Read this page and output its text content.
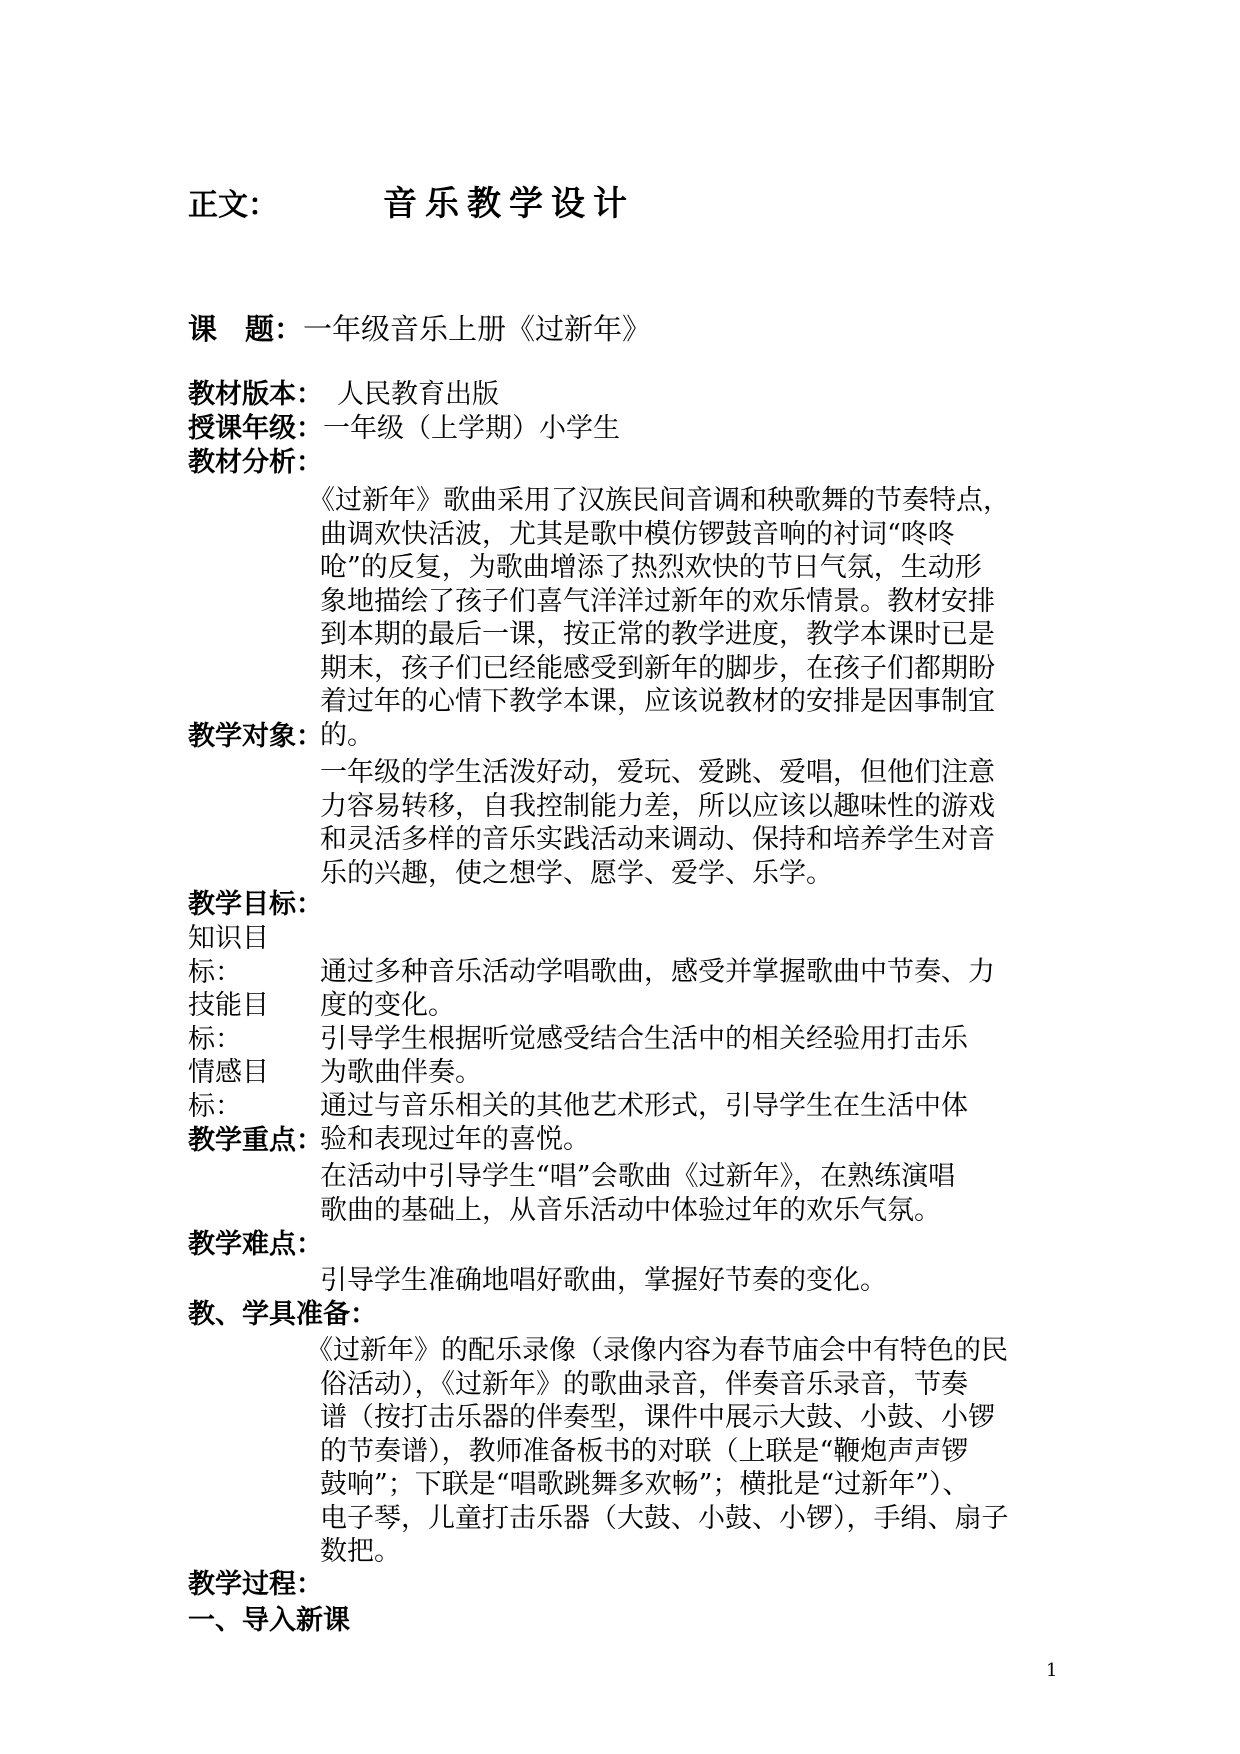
正文：	音乐教学设计
课 题：一年级音乐上册《过新年》
教材版本： 人民教育出版
授课年级：一年级（上学期）小学生
教材分析：
《过新年》歌曲采用了汉族民间音调和秧歌舞的节奏特点，
曲调欢快活波，尤其是歌中模仿锣鼓音响的衬词“咚咚
呛”的反复，为歌曲增添了热烈欢快的节日气氛，生动形
象地描绘了孩子们喜气洋洋过新年的欢乐情景。教材安排
到本期的最后一课，按正常的教学进度，教学本课时已是
期末，孩子们已经能感受到新年的脚步，在孩子们都期盼
着过年的心情下教学本课，应该说教材的安排是因事制宜
的。
教学对象：
一年级的学生活泼好动，爱玩、爱跳、爱唱，但他们注意
力容易转移，自我控制能力差，所以应该以趣味性的游戏
和灵活多样的音乐实践活动来调动、保持和培养学生对音
乐的兴趣，使之想学、愿学、爱学、乐学。
教学目标：
知识目标：	通过多种音乐活动学唱歌曲，感受并掌握歌曲中节奏、力
度的变化。
技能目标：	引导学生根据听觉感受结合生活中的相关经验用打击乐
为歌曲伴奏。
情感目标：	通过与音乐相关的其他艺术形式，引导学生在生活中体
验和表现过年的喜悦。
教学重点：
在活动中引导学生“唱”会歌曲《过新年》，在熟练演唱
歌曲的基础上，从音乐活动中体验过年的欢乐气氛。
教学难点：
引导学生准确地唱好歌曲，掌握好节奏的变化。
教、学具准备：
《过新年》的配乐录像（录像内容为春节庙会中有特色的民
俗活动），《过新年》的歌曲录音，伴奏音乐录音，节奏
谱（按打击乐器的伴奏型，课件中展示大鼓、小鼓、小锣
的节奏谱），教师准备板书的对联（上联是“鞭炮声声锣
鼓响”；下联是“唱歌跳舞多欢畅”；横批是“过新年”）、
电子琴，儿童打击乐器（大鼓、小鼓、小锣），手绢、扇子
数把。
教学过程：
一、导入新课
1
